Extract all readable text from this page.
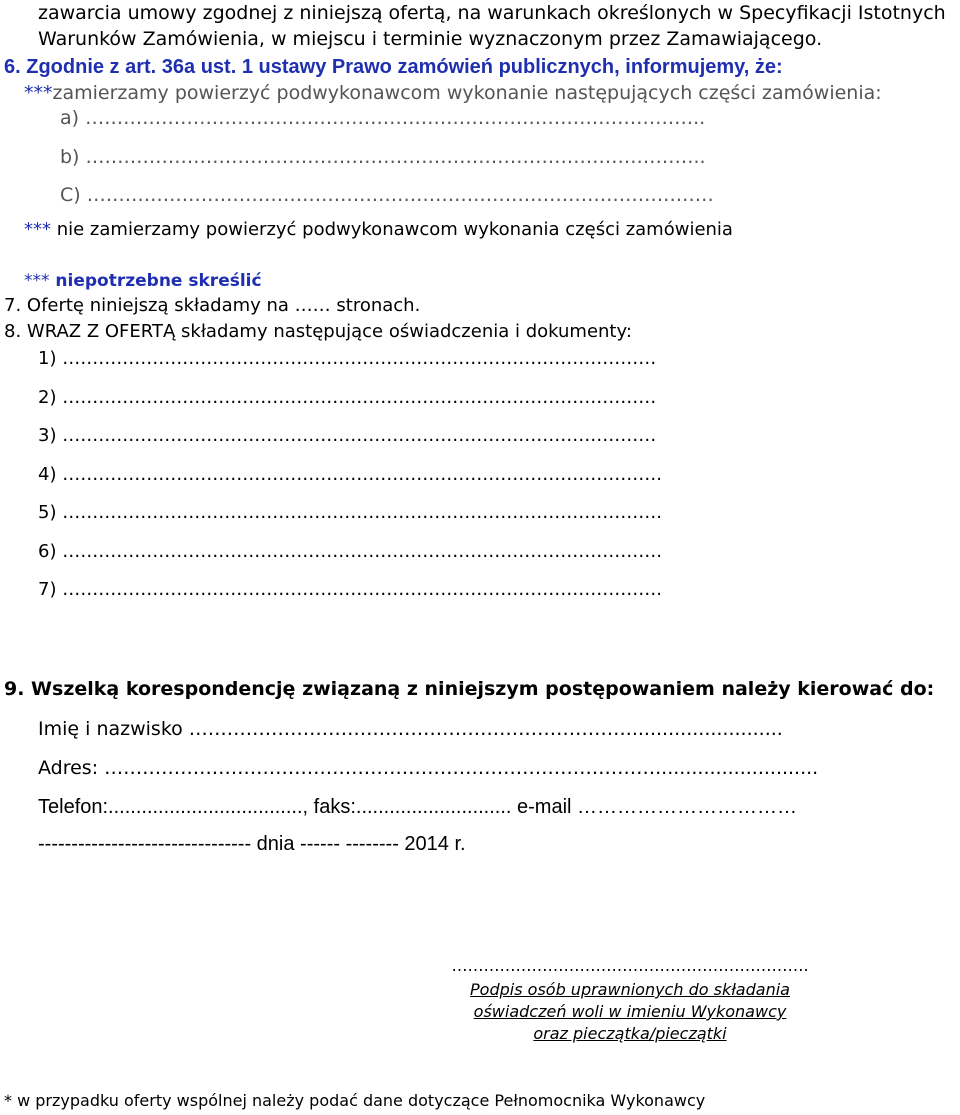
zawarcia umowy zgodnej z niniejszą ofertą, na warunkach określonych w Specyfikacji Istotnych
Warunków Zamówienia, w miejscu i terminie wyznaczonym przez Zamawiającego.
6. Zgodnie z art. 36a ust. 1 ustawy Prawo zamówień publicznych, informujemy, że:
***zamierzamy powierzyć podwykonawcom wykonanie następujących części zamówienia:
a) ……………………………………………………………………………………..
b) ……………………………………………………………………………………..
C) ………………………………………………………………………………………
*** nie zamierzamy powierzyć podwykonawcom wykonania części zamówienia
*** niepotrzebne skreślić
7. Ofertę niniejszą składamy na …… stronach.
8. WRAZ Z OFERTĄ składamy następujące oświadczenia i dokumenty:
1) ………………………………………………………………………………………
2) ………………………………………………………………………………………
3) ………………………………………………………………………………………
4) ……………………………………………………………………………………….
5) ……………………………………………………………………………………….
6) ……………………………………………………………………………………….
7) ……………………………………………………………………………………….
9. Wszelką korespondencję związaną z niniejszym postępowaniem należy kierować do:
Imię i nazwisko ……………………………………………………………..........................
Adres: ……………………………………………………………………………...........................
Telefon:..................................., faks:............................ e-mail ……………………………
-------------------------------- dnia ------ -------- 2014 r.
………………………………………………………….
Podpis osób uprawnionych do składania
oświadczeń woli w imieniu Wykonawcy
oraz pieczątka/pieczątki
* w przypadku oferty wspólnej należy podać dane dotyczące Pełnomocnika Wykonawcy
